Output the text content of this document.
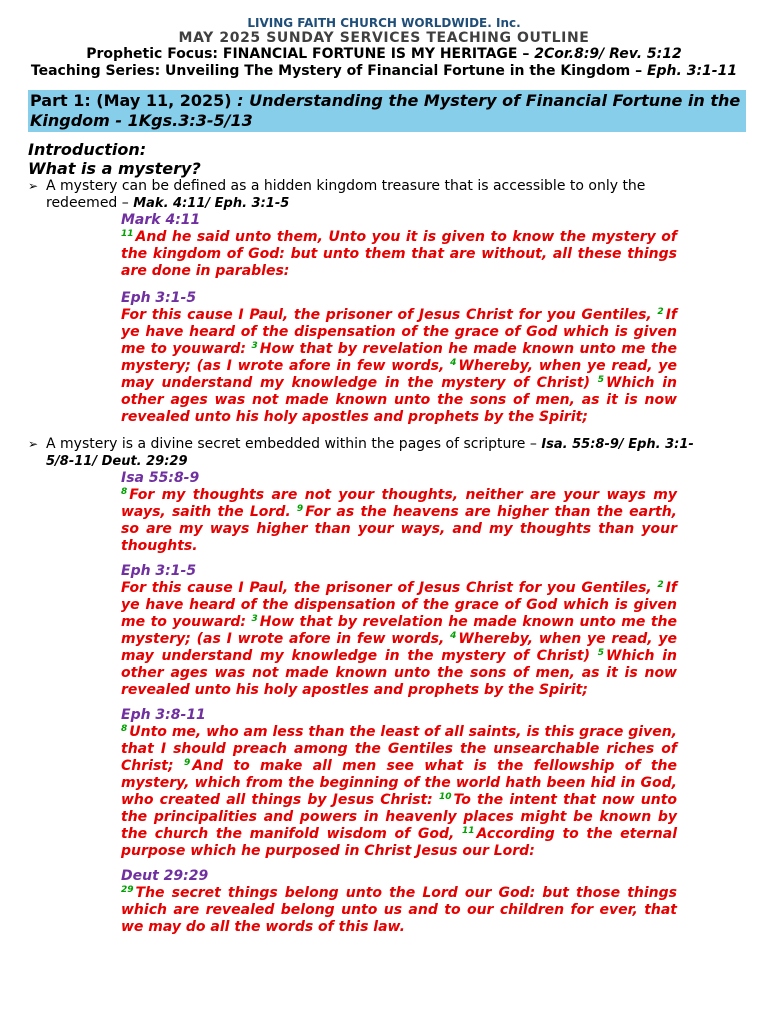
LIVING FAITH CHURCH WORLDWIDE. Inc.
MAY 2025 SUNDAY SERVICES TEACHING OUTLINE
Prophetic Focus: FINANCIAL FORTUNE IS MY HERITAGE – 2Cor.8:9/ Rev. 5:12
Teaching Series: Unveiling The Mystery of Financial Fortune in the Kingdom – Eph. 3:1-11
Part 1: (May 11, 2025) : Understanding the Mystery of Financial Fortune in the Kingdom - 1Kgs.3:3-5/13
Introduction:
What is a mystery?
➢ A mystery can be defined as a hidden kingdom treasure that is accessible to only the redeemed – Mak. 4:11/ Eph. 3:1-5
Mark 4:11
$^{11}$ And he said unto them, Unto you it is given to know the mystery of the kingdom of God: but unto them that are without, all these things are done in parables:
Eph 3:1-5
For this cause I Paul, the prisoner of Jesus Christ for you Gentiles, $^2$ If ye have heard of the dispensation of the grace of God which is given me to youward: $^3$ How that by revelation he made known unto me the mystery; (as I wrote afore in few words, $^4$ Whereby, when ye read, ye may understand my knowledge in the mystery of Christ) $^5$ Which in other ages was not made known unto the sons of men, as it is now revealed unto his holy apostles and prophets by the Spirit;
➢ A mystery is a divine secret embedded within the pages of scripture – Isa. 55:8-9/ Eph. 3:1-5/8-11/ Deut. 29:29
Isa 55:8-9
$^8$ For my thoughts are not your thoughts, neither are your ways my ways, saith the Lord. $^9$ For as the heavens are higher than the earth, so are my ways higher than your ways, and my thoughts than your thoughts.
Eph 3:1-5
For this cause I Paul, the prisoner of Jesus Christ for you Gentiles, $^2$ If ye have heard of the dispensation of the grace of God which is given me to youward: $^3$ How that by revelation he made known unto me the mystery; (as I wrote afore in few words, $^4$ Whereby, when ye read, ye may understand my knowledge in the mystery of Christ) $^5$ Which in other ages was not made known unto the sons of men, as it is now revealed unto his holy apostles and prophets by the Spirit;
Eph 3:8-11
$^8$ Unto me, who am less than the least of all saints, is this grace given, that I should preach among the Gentiles the unsearchable riches of Christ; $^9$ And to make all men see what is the fellowship of the mystery, which from the beginning of the world hath been hid in God, who created all things by Jesus Christ: $^{10}$ To the intent that now unto the principalities and powers in heavenly places might be known by the church the manifold wisdom of God, $^{11}$ According to the eternal purpose which he purposed in Christ Jesus our Lord:
Deut 29:29
$^{29}$ The secret things belong unto the Lord our God: but those things which are revealed belong unto us and to our children for ever, that we may do all the words of this law.
